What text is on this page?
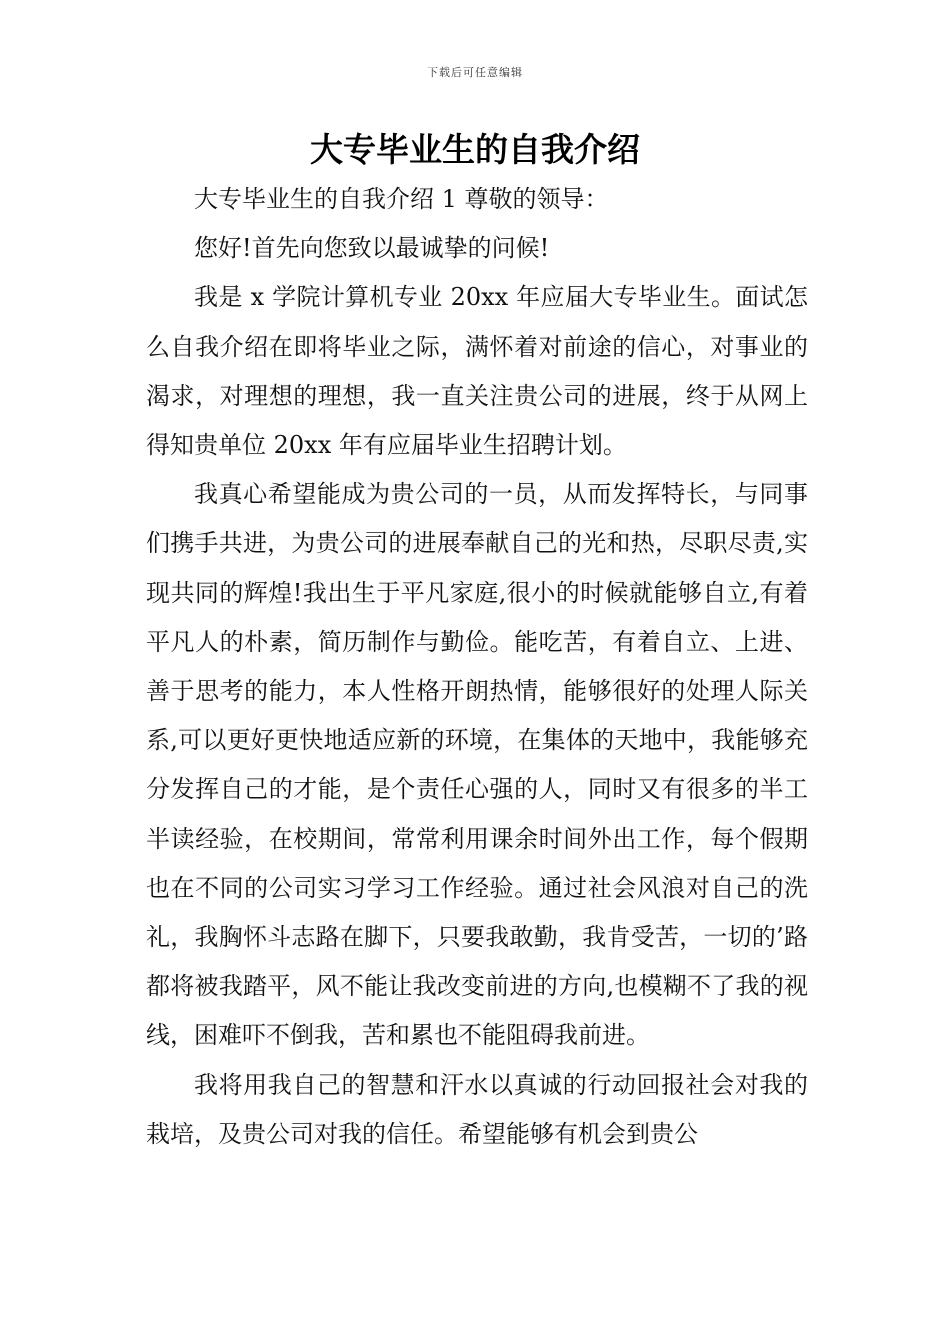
下载后可任意编辑
大专毕业生的自我介绍

大专毕业生的自我介绍 1 尊敬的领导：

您好!首先向您致以最诚挚的问候!

我是 x 学院计算机专业 20xx 年应届大专毕业生。面试怎么自我介绍在即将毕业之际，满怀着对前途的信心，对事业的渴求，对理想的理想，我一直关注贵公司的进展，终于从网上得知贵单位 20xx 年有应届毕业生招聘计划。

我真心希望能成为贵公司的一员，从而发挥特长，与同事们携手共进，为贵公司的进展奉献自己的光和热，尽职尽责,实现共同的辉煌!我出生于平凡家庭,很小的时候就能够自立,有着平凡人的朴素，简历制作与勤俭。能吃苦，有着自立、上进、善于思考的能力，本人性格开朗热情，能够很好的处理人际关系,可以更好更快地适应新的环境，在集体的天地中，我能够充分发挥自己的才能，是个责任心强的人，同时又有很多的半工半读经验，在校期间，常常利用课余时间外出工作，每个假期也在不同的公司实习学习工作经验。通过社会风浪对自己的洗礼，我胸怀斗志路在脚下，只要我敢勤，我肯受苦，一切的’路都将被我踏平，风不能让我改变前进的方向,也模糊不了我的视线，困难吓不倒我，苦和累也不能阻碍我前进。

我将用我自己的智慧和汗水以真诚的行动回报社会对我的栽培，及贵公司对我的信任。希望能够有机会到贵公
